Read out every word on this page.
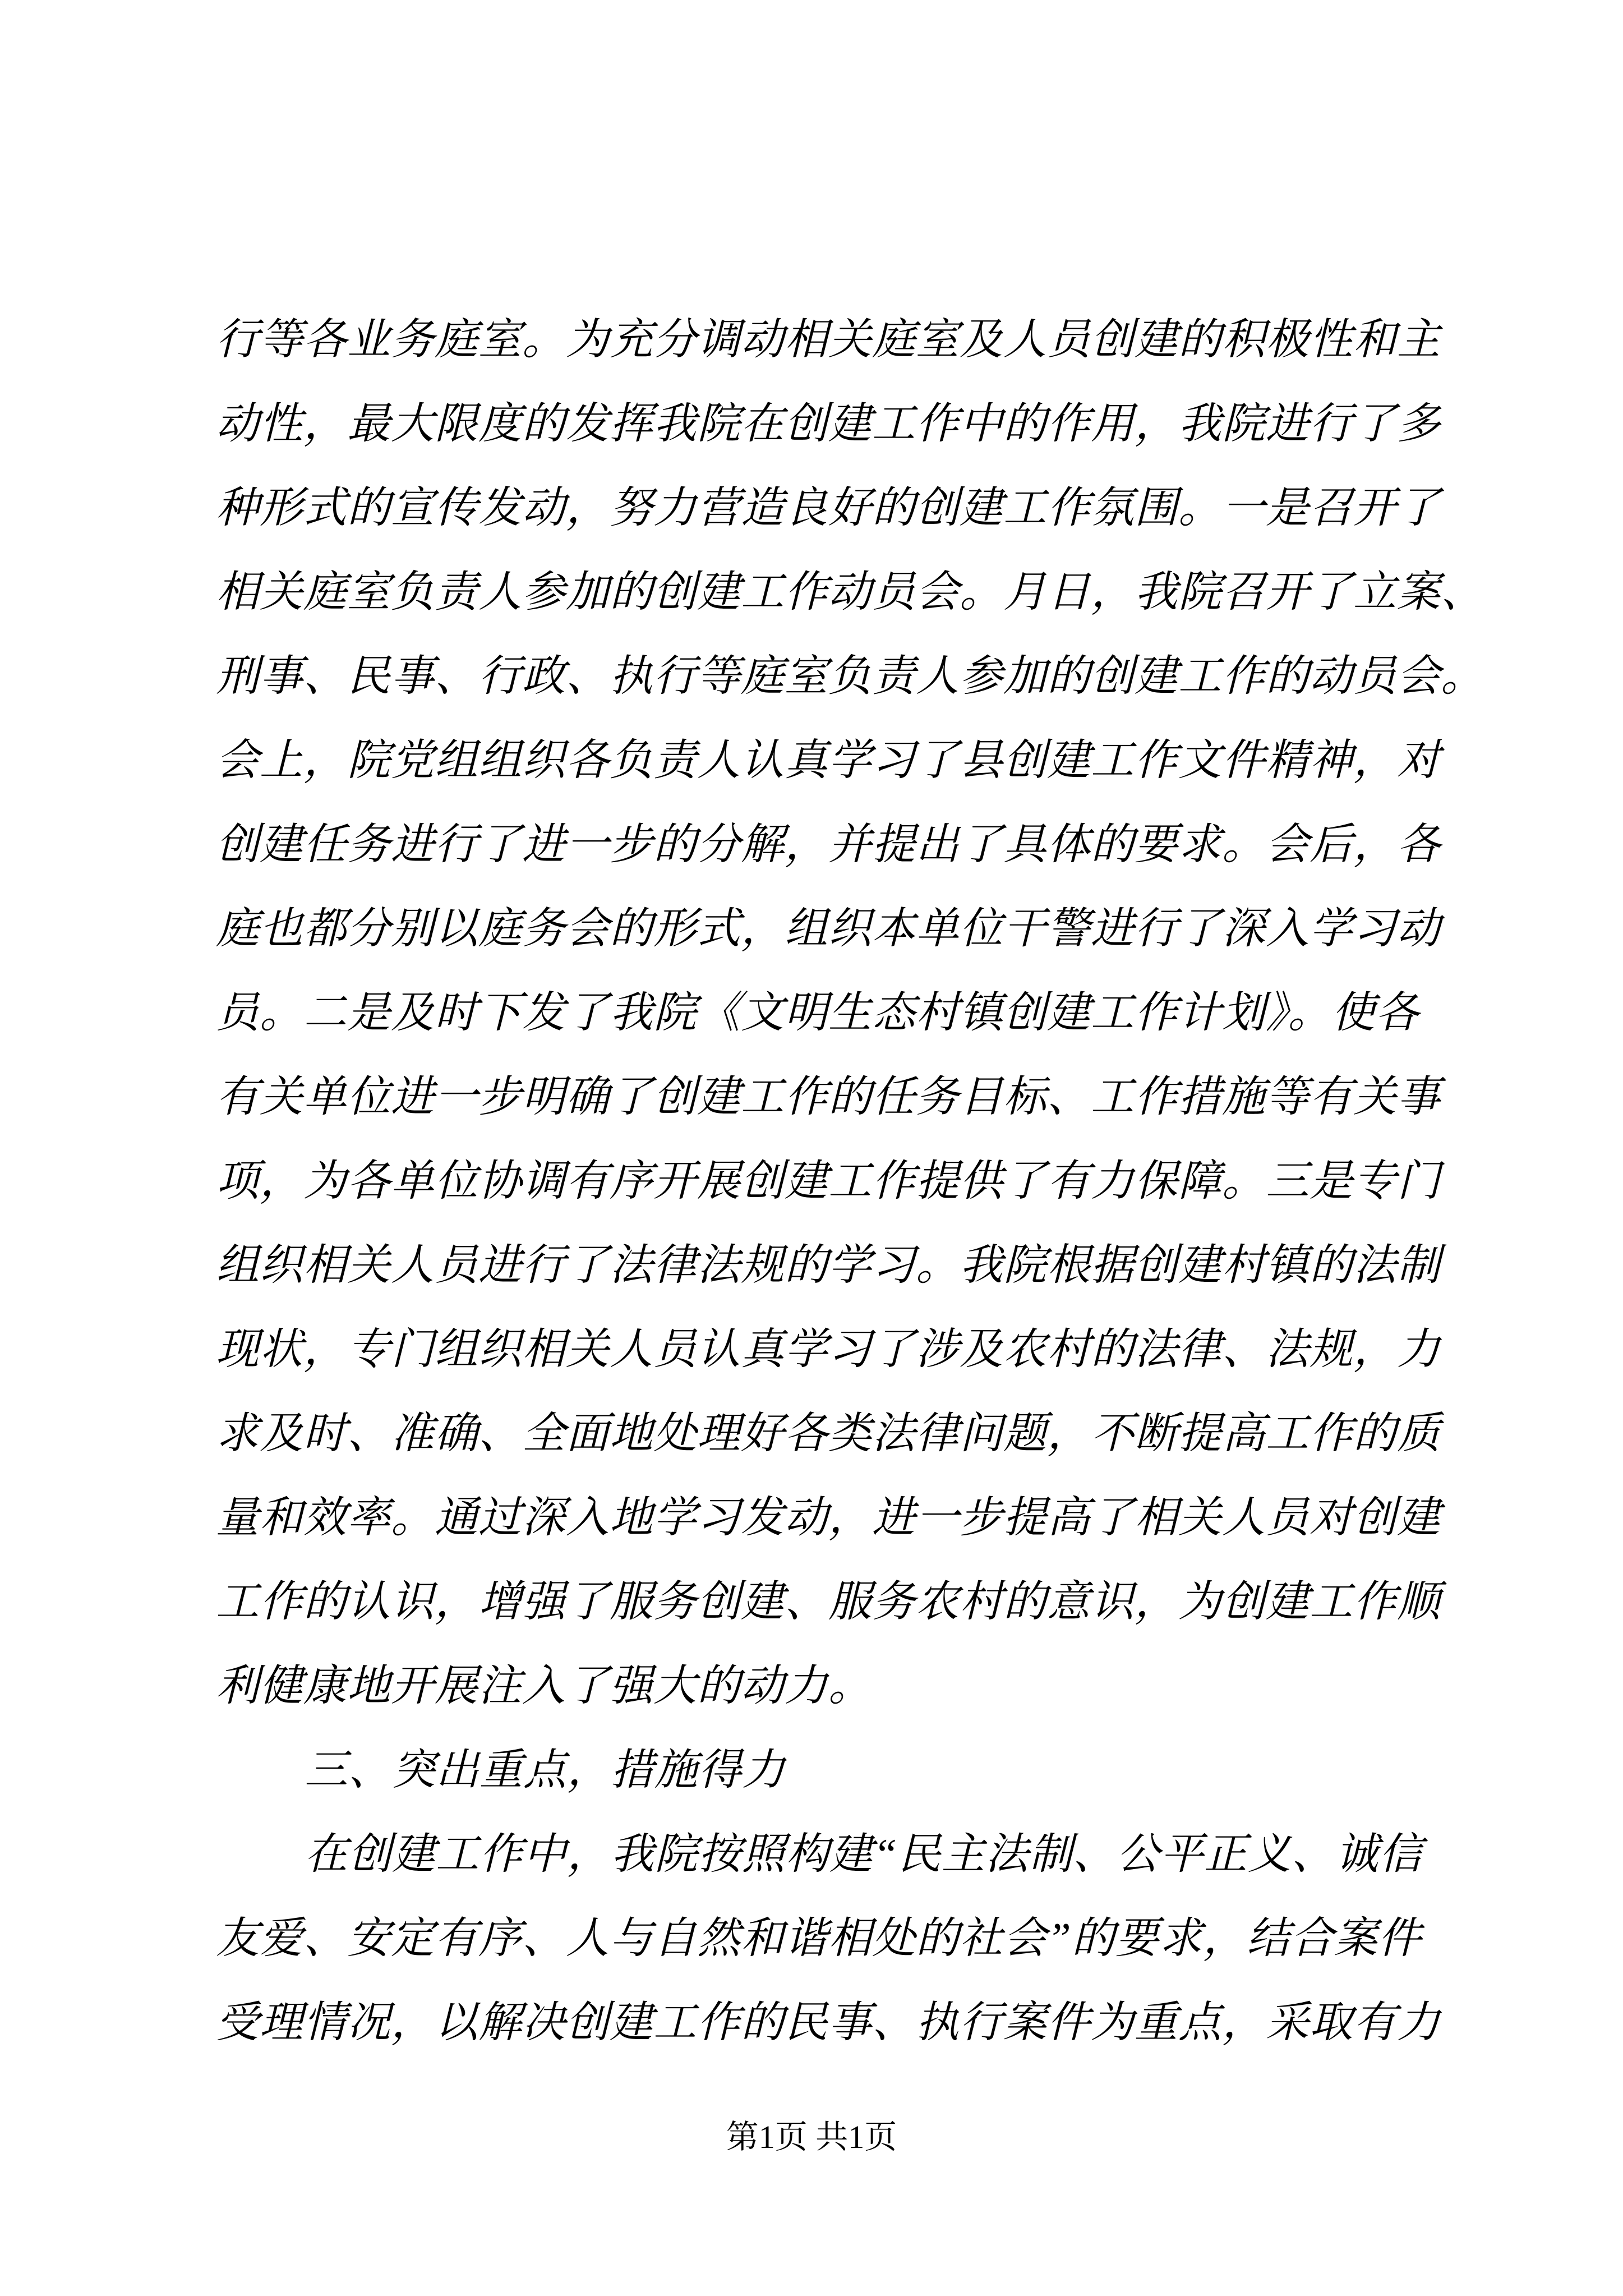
行等各业务庭室。为充分调动相关庭室及人员创建的积极性和主
动性，最大限度的发挥我院在创建工作中的作用，我院进行了多
种形式的宣传发动，努力营造良好的创建工作氛围。一是召开了
相关庭室负责人参加的创建工作动员会。月日，我院召开了立案、
刑事、民事、行政、执行等庭室负责人参加的创建工作的动员会。
会上，院党组组织各负责人认真学习了县创建工作文件精神，对
创建任务进行了进一步的分解，并提出了具体的要求。会后，各
庭也都分别以庭务会的形式，组织本单位干警进行了深入学习动
员。二是及时下发了我院《文明生态村镇创建工作计划》。使各
有关单位进一步明确了创建工作的任务目标、工作措施等有关事
项，为各单位协调有序开展创建工作提供了有力保障。三是专门
组织相关人员进行了法律法规的学习。我院根据创建村镇的法制
现状，专门组织相关人员认真学习了涉及农村的法律、法规，力
求及时、准确、全面地处理好各类法律问题，不断提高工作的质
量和效率。通过深入地学习发动，进一步提高了相关人员对创建
工作的认识，增强了服务创建、服务农村的意识，为创建工作顺
利健康地开展注入了强大的动力。
三、突出重点，措施得力
在创建工作中，我院按照构建“民主法制、公平正义、诚信
友爱、安定有序、人与自然和谐相处的社会”的要求，结合案件
受理情况，以解决创建工作的民事、执行案件为重点，采取有力
第1页 共1页
